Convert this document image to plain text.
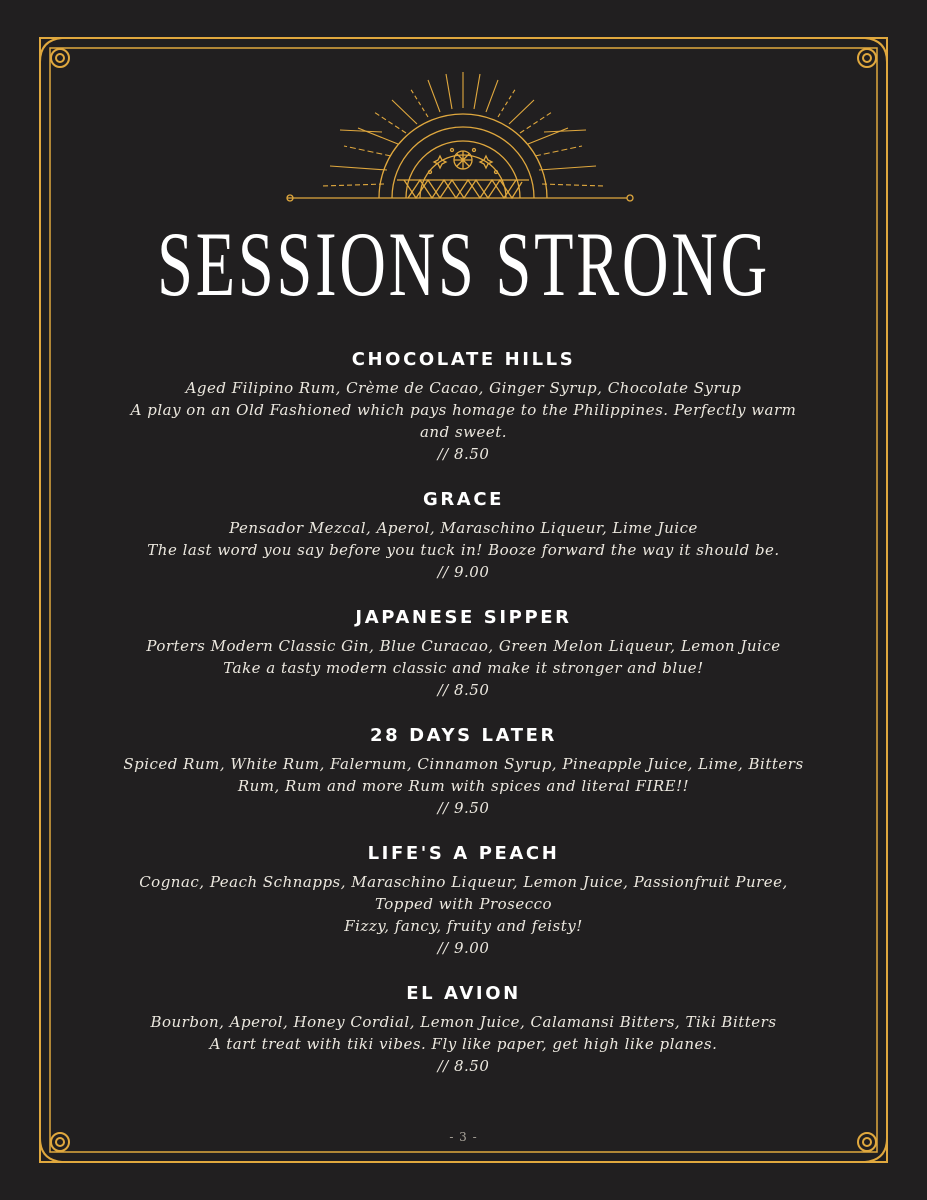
SESSIONS STRONG
CHOCOLATE HILLS
Aged Filipino Rum, Crème de Cacao, Ginger Syrup, Chocolate Syrup
A play on an Old Fashioned which pays homage to the Philippines. Perfectly warm
and sweet.
// 8.50
GRACE
Pensador Mezcal, Aperol, Maraschino Liqueur, Lime Juice
The last word you say before you tuck in! Booze forward the way it should be.
// 9.00
JAPANESE SIPPER
Porters Modern Classic Gin, Blue Curacao, Green Melon Liqueur, Lemon Juice
Take a tasty modern classic and make it stronger and blue!
// 8.50
28 DAYS LATER
Spiced Rum, White Rum, Falernum, Cinnamon Syrup, Pineapple Juice, Lime, Bitters
Rum, Rum and more Rum with spices and literal FIRE!!
// 9.50
LIFE'S A PEACH
Cognac, Peach Schnapps, Maraschino Liqueur, Lemon Juice, Passionfruit Puree,
Topped with Prosecco
Fizzy, fancy, fruity and feisty!
// 9.00
EL AVION
Bourbon, Aperol, Honey Cordial, Lemon Juice, Calamansi Bitters, Tiki Bitters
A tart treat with tiki vibes. Fly like paper, get high like planes.
// 8.50
- 3 -
